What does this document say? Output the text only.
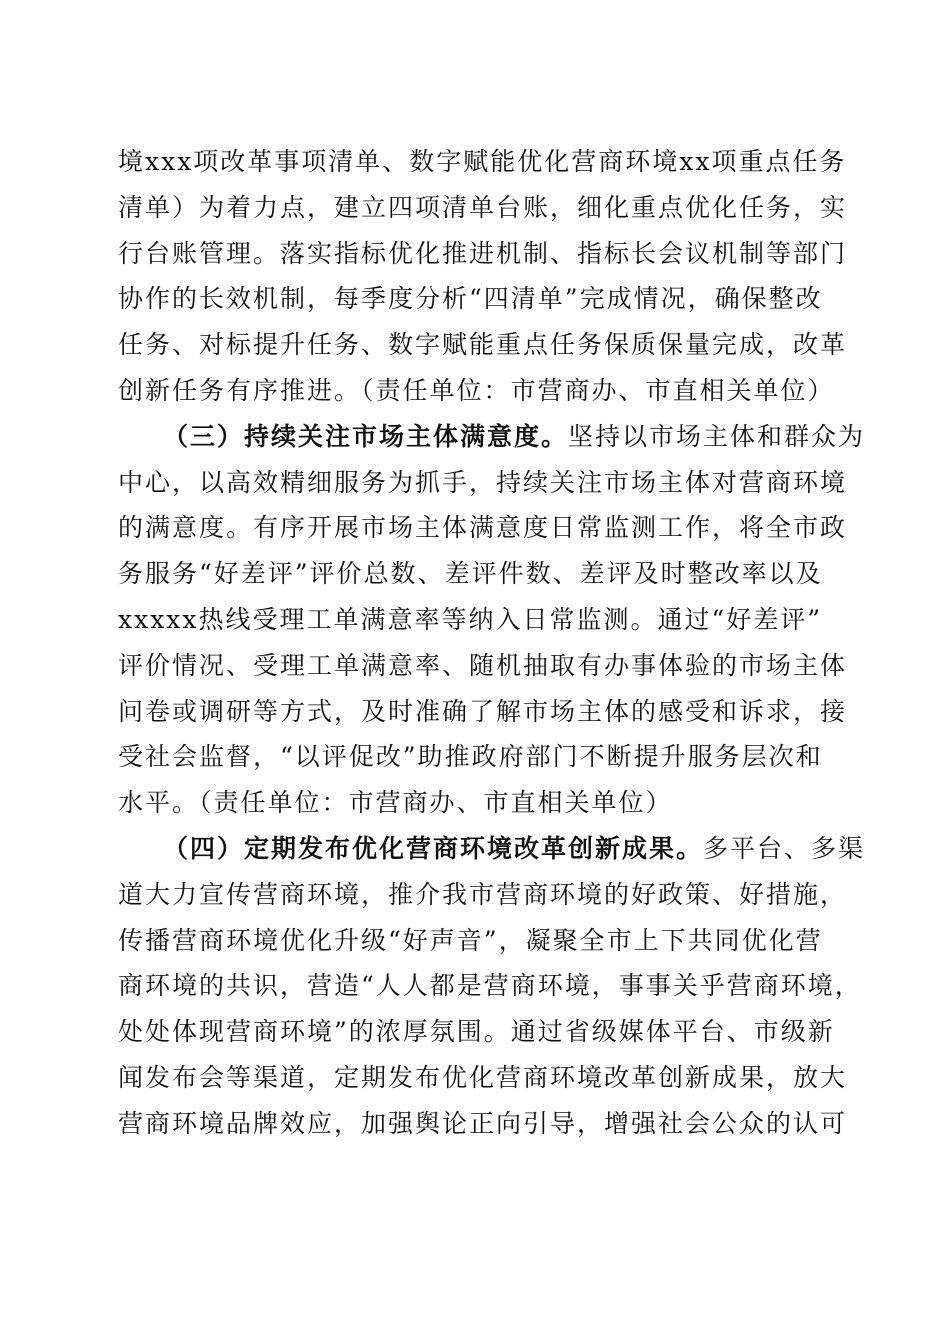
境xxx项改革事项清单、数字赋能优化营商环境xx项重点任务
清单）为着力点，建立四项清单台账，细化重点优化任务，实
行台账管理。落实指标优化推进机制、指标长会议机制等部门
协作的长效机制，每季度分析“四清单”完成情况，确保整改
任务、对标提升任务、数字赋能重点任务保质保量完成，改革
创新任务有序推进。（责任单位：市营商办、市直相关单位）
（三）持续关注市场主体满意度。坚持以市场主体和群众为
中心，以高效精细服务为抓手，持续关注市场主体对营商环境
的满意度。有序开展市场主体满意度日常监测工作，将全市政
务服务“好差评”评价总数、差评件数、差评及时整改率以及
xxxxx热线受理工单满意率等纳入日常监测。通过“好差评”
评价情况、受理工单满意率、随机抽取有办事体验的市场主体
问卷或调研等方式，及时准确了解市场主体的感受和诉求，接
受社会监督，“以评促改”助推政府部门不断提升服务层次和
水平。（责任单位：市营商办、市直相关单位）
（四）定期发布优化营商环境改革创新成果。多平台、多渠
道大力宣传营商环境，推介我市营商环境的好政策、好措施，
传播营商环境优化升级“好声音”，凝聚全市上下共同优化营
商环境的共识，营造“人人都是营商环境，事事关乎营商环境，
处处体现营商环境”的浓厚氛围。通过省级媒体平台、市级新
闻发布会等渠道，定期发布优化营商环境改革创新成果，放大
营商环境品牌效应，加强舆论正向引导，增强社会公众的认可
